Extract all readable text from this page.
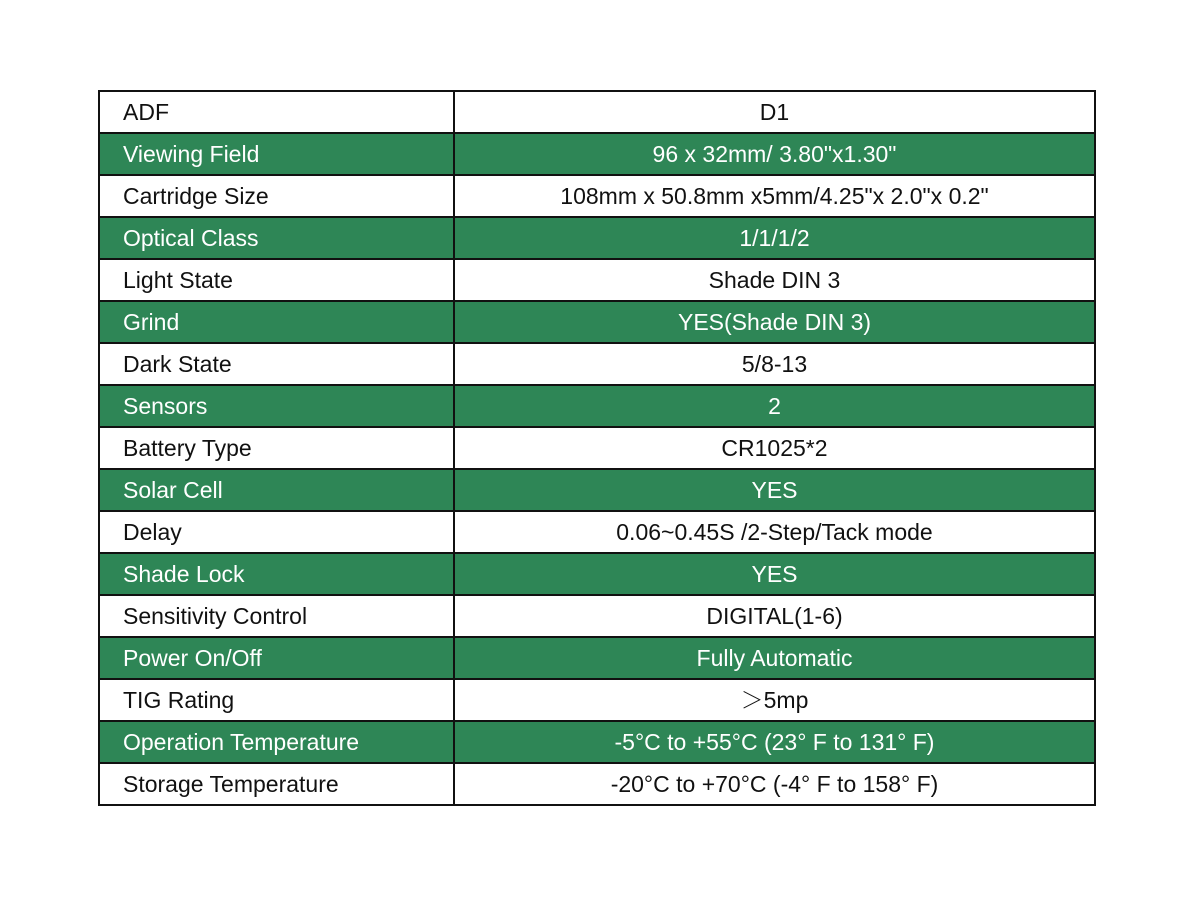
ADF	D1
Viewing Field	96 x 32mm/ 3.80"x1.30"
Cartridge Size	108mm x 50.8mm x5mm/4.25"x 2.0"x 0.2"
Optical Class	1/1/1/2
Light State	Shade DIN 3
Grind	YES(Shade DIN 3)
Dark State	5/8-13
Sensors	2
Battery Type	CR1025*2
Solar Cell	YES
Delay	0.06~0.45S /2-Step/Tack mode
Shade Lock	YES
Sensitivity Control	DIGITAL(1-6)
Power On/Off	Fully Automatic
TIG Rating	＞5mp
Operation Temperature	-5°C to +55°C (23° F to 131° F)
Storage Temperature	-20°C to +70°C (-4° F to 158° F)
